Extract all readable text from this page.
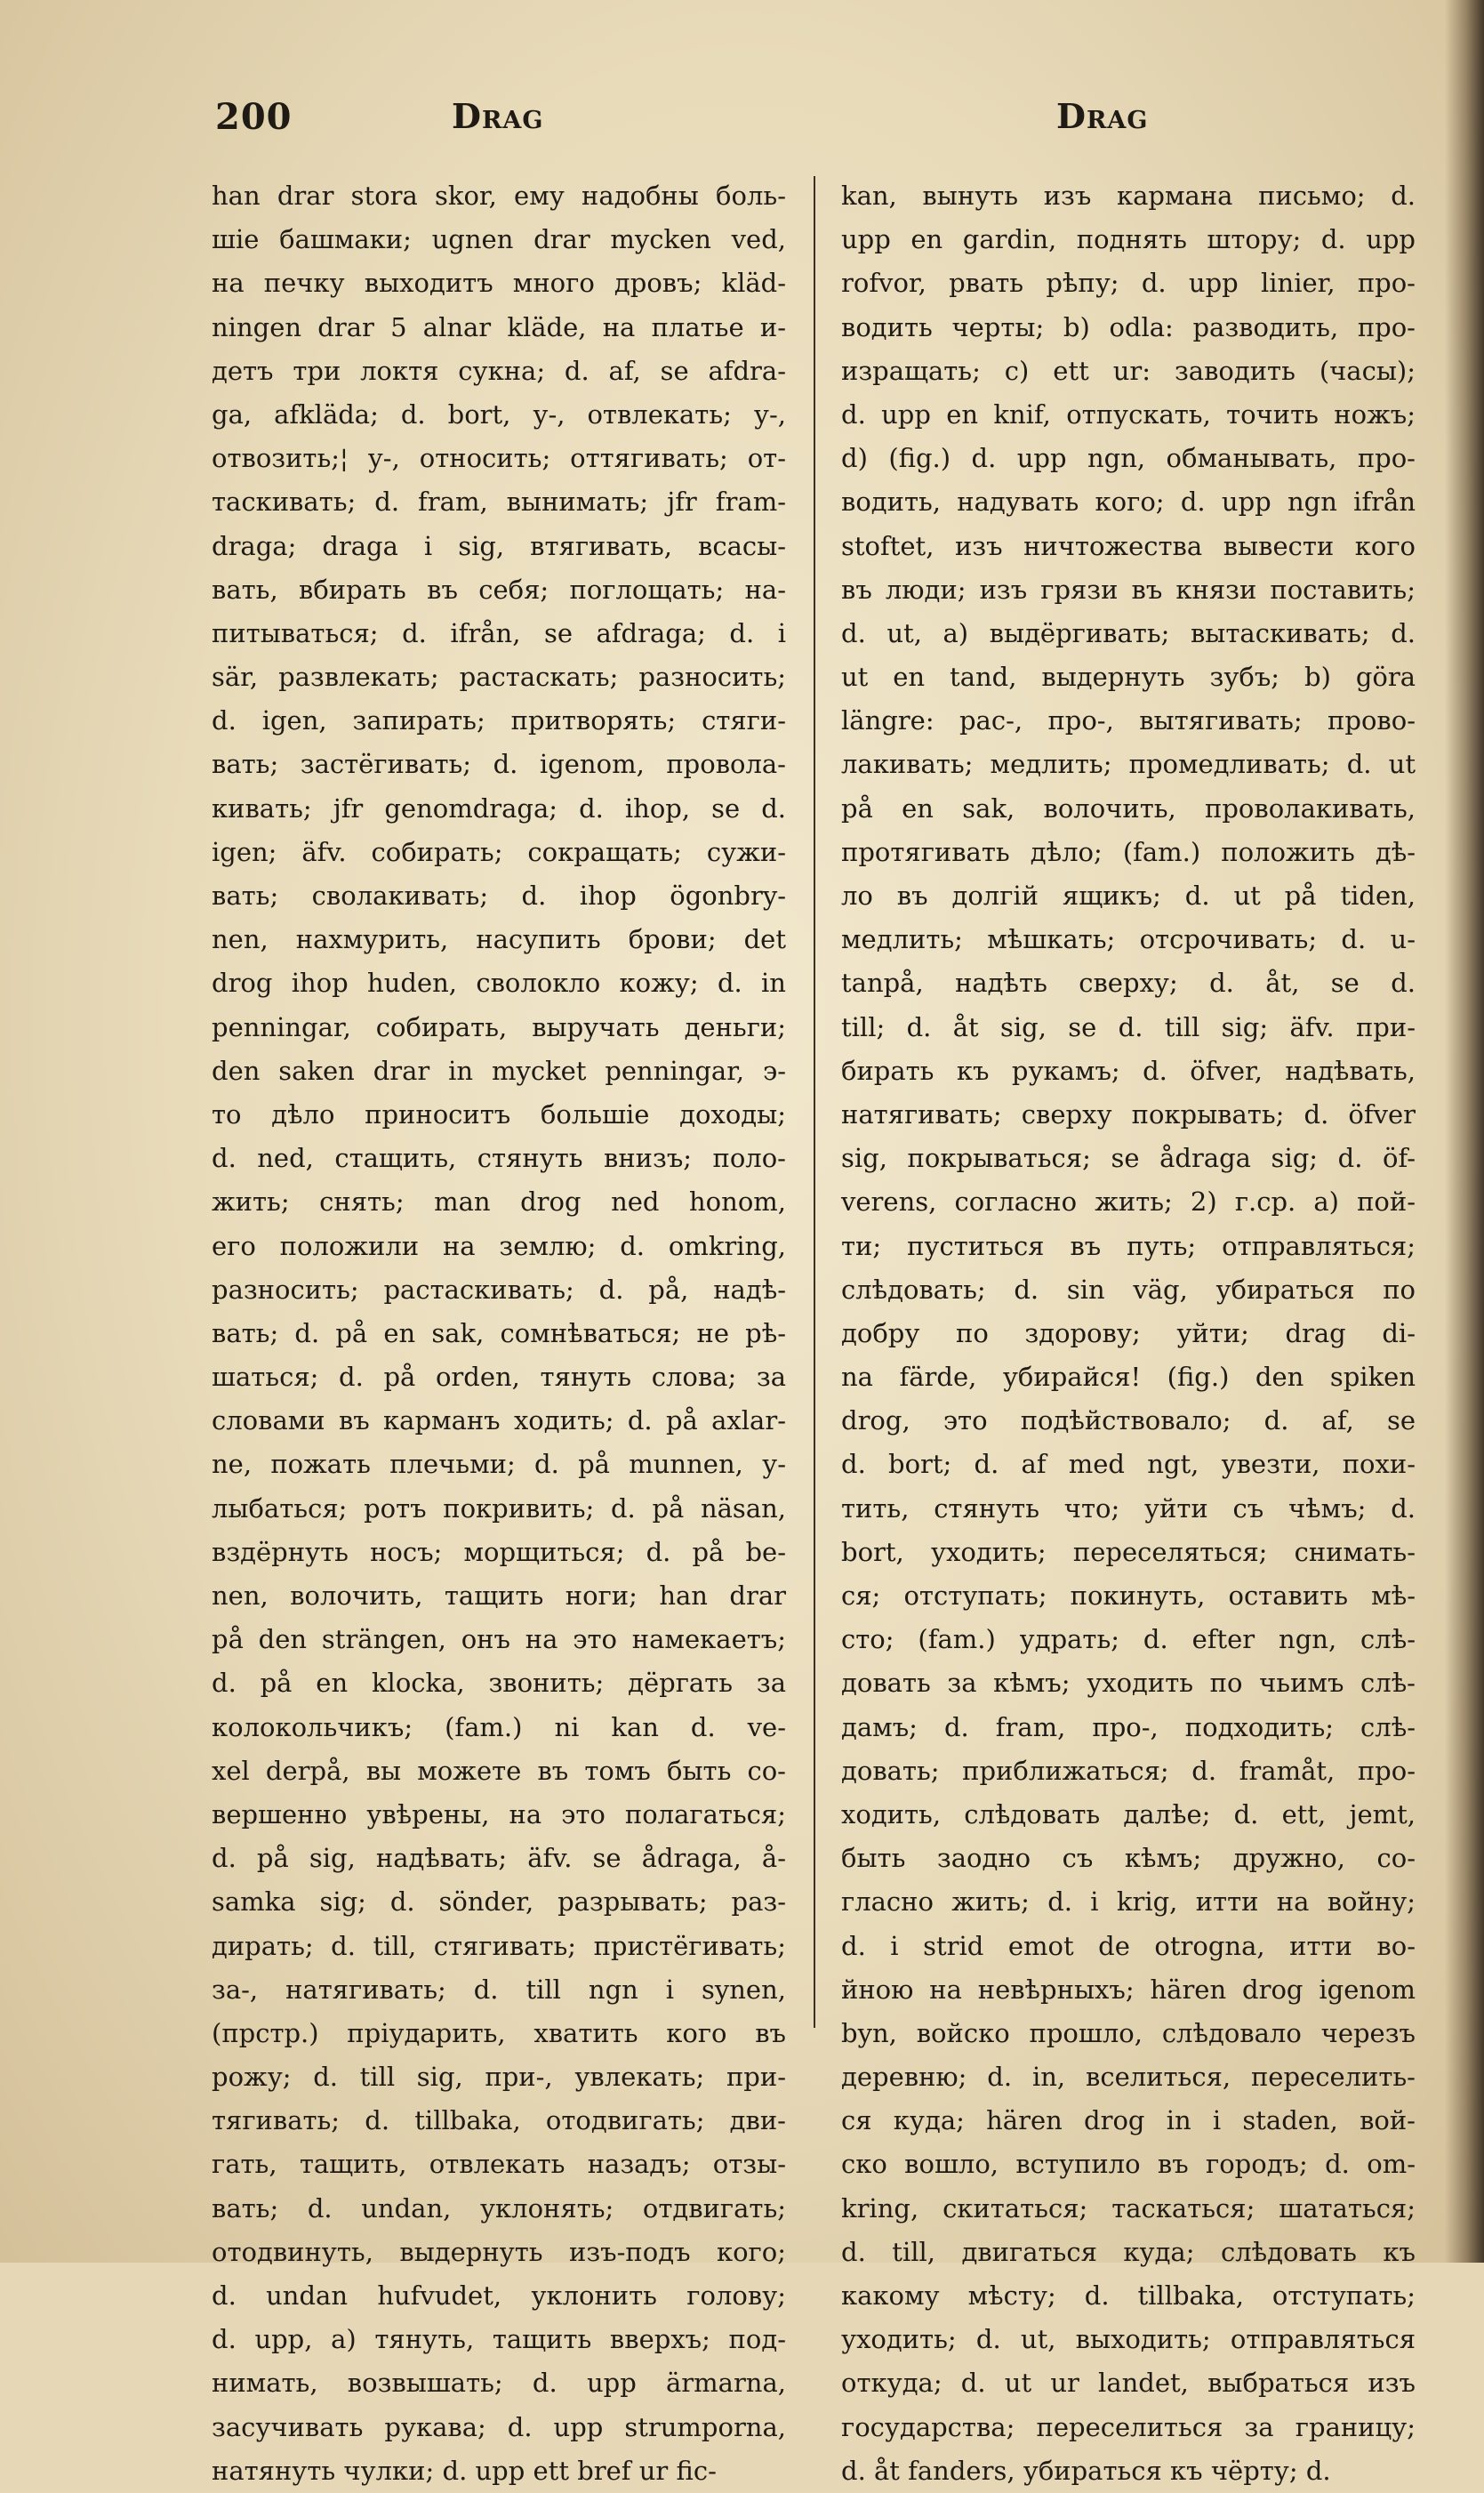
200	Drag	Drag
han drar stora skor, ему надобны боль-
шіе башмаки; ugnen drar mycken ved,
на печку выходитъ много дровъ; kläd-
ningen drar 5 alnar kläde, на платье и-
детъ три локтя сукна; d. af, se afdra-
ga, afkläda; d. bort, у-, отвлекать; у-,
отвозить;¦ у-, относить; оттягивать; от-
таскивать; d. fram, вынимать; jfr fram-
draga; draga i sig, втягивать, всасы-
вать, вбирать въ себя; поглощать; на-
питываться; d. ifrån, se afdraga; d. i
sär, развлекать; растаскать; разносить;
d. igen, запирать; притворять; стяги-
вать; застёгивать; d. igenom, провола-
кивать; jfr genomdraga; d. ihop, se d.
igen; äfv. собирать; сокращать; сужи-
вать; сволакивать; d. ihop ögonbry-
nen, нахмурить, насупить брови; det
drog ihop huden, сволокло кожу; d. in
penningar, собирать, выручать деньги;
den saken drar in mycket penningar, э-
то дѣло приноситъ большіе доходы;
d. ned, стащить, стянуть внизъ; поло-
жить; снять; man drog ned honom,
его положили на землю; d. omkring,
разносить; растаскивать; d. på, надѣ-
вать; d. på en sak, сомнѣваться; не рѣ-
шаться; d. på orden, тянуть слова; за
словами въ карманъ ходить; d. på axlar-
ne, пожать плечьми; d. på munnen, у-
лыбаться; ротъ покривить; d. på näsan,
вздёрнуть носъ; морщиться; d. på be-
nen, волочить, тащить ноги; han drar
på den strängen, онъ на это намекаетъ;
d. på en klocka, звонить; дёргать за
колокольчикъ; (fam.) ni kan d. ve-
xel derpå, вы можете въ томъ быть со-
вершенно увѣрены, на это полагаться;
d. på sig, надѣвать; äfv. se ådraga, å-
samka sig; d. sönder, разрывать; раз-
дирать; d. till, стягивать; пристёгивать;
за-, натягивать; d. till ngn i synen,
(прстр.) пріударить, хватить кого въ
рожу; d. till sig, при-, увлекать; при-
тягивать; d. tillbaka, отодвигать; дви-
гать, тащить, отвлекать назадъ; отзы-
вать; d. undan, уклонять; отдвигать;
отодвинуть, выдернуть изъ-подъ кого;
d. undan hufvudet, уклонить голову;
d. upp, a) тянуть, тащить вверхъ; под-
нимать, возвышать; d. upp ärmarna,
засучивать рукава; d. upp strumporna,
натянуть чулки; d. upp ett bref ur fic-
kan, вынуть изъ кармана письмо; d.
upp en gardin, поднять штору; d. upp
rofvor, рвать рѣпу; d. upp linier, про-
водить черты; b) odla: разводить, про-
изращать; c) ett ur: заводить (часы);
d. upp en knif, отпускать, точить ножъ;
d) (fig.) d. upp ngn, обманывать, про-
водить, надувать кого; d. upp ngn ifrån
stoftet, изъ ничтожества вывести кого
въ люди; изъ грязи въ князи поставить;
d. ut, a) выдёргивать; вытаскивать; d.
ut en tand, выдернуть зубъ; b) göra
längre: рас-, про-, вытягивать; прово-
лакивать; медлить; промедливать; d. ut
på en sak, волочить, проволакивать,
протягивать дѣло; (fam.) положить дѣ-
ло въ долгій ящикъ; d. ut på tiden,
медлить; мѣшкать; отсрочивать; d. u-
tanpå, надѣть сверху; d. åt, se d.
till; d. åt sig, se d. till sig; äfv. при-
бирать къ рукамъ; d. öfver, надѣвать,
натягивать; сверху покрывать; d. öfver
sig, покрываться; se ådraga sig; d. öf-
verens, согласно жить; 2) г.ср. a) пой-
ти; пуститься въ путь; отправляться;
слѣдовать; d. sin väg, убираться по
добру по здорову; уйти; drag di-
na färde, убирайся! (fig.) den spiken
drog, это подѣйствовало; d. af, se
d. bort; d. af med ngt, увезти, похи-
тить, стянуть что; уйти съ чѣмъ; d.
bort, уходить; переселяться; снимать-
ся; отступать; покинуть, оставить мѣ-
сто; (fam.) удрать; d. efter ngn, слѣ-
довать за кѣмъ; уходить по чьимъ слѣ-
дамъ; d. fram, про-, подходить; слѣ-
довать; приближаться; d. framåt, про-
ходить, слѣдовать далѣе; d. ett, jemt,
быть заодно съ кѣмъ; дружно, со-
гласно жить; d. i krig, итти на войну;
d. i strid emot de otrogna, итти во-
йною на невѣрныхъ; hären drog igenom
byn, войско прошло, слѣдовало черезъ
деревню; d. in, вселиться, переселить-
ся куда; hären drog in i staden, вой-
ско вошло, вступило въ городъ; d. om-
kring, скитаться; таскаться; шататься;
d. till, двигаться куда; слѣдовать къ
какому мѣсту; d. tillbaka, отступать;
уходить; d. ut, выходить; отправляться
откуда; d. ut ur landet, выбраться изъ
государства; переселиться за границу;
d. åt fanders, убираться къ чёрту; d.
